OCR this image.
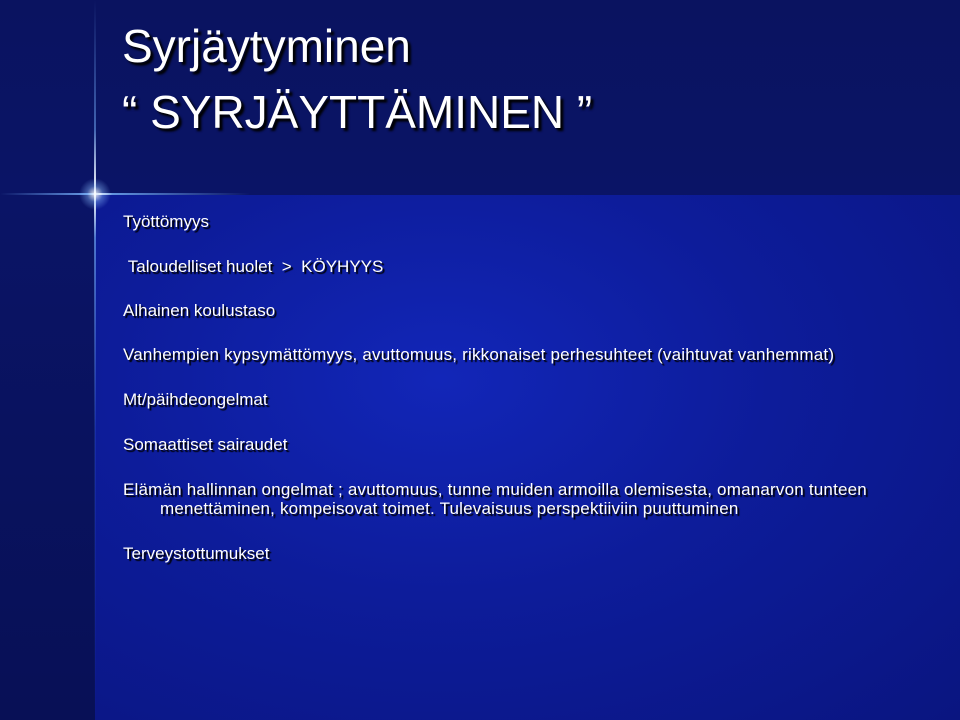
Syrjäytyminen
“ SYRJÄYTTÄMINEN ”
Työttömyys
Taloudelliset huolet  >  KÖYHYYS
Alhainen koulustaso
Vanhempien kypsymättömyys, avuttomuus, rikkonaiset perhesuhteet (vaihtuvat vanhemmat)
Mt/päihdeongelmat
Somaattiset sairaudet
Elämän hallinnan ongelmat ; avuttomuus, tunne muiden armoilla olemisesta, omanarvon tunteen menettäminen, kompeisovat toimet. Tulevaisuus perspektiiviin puuttuminen
Terveystottumukset
